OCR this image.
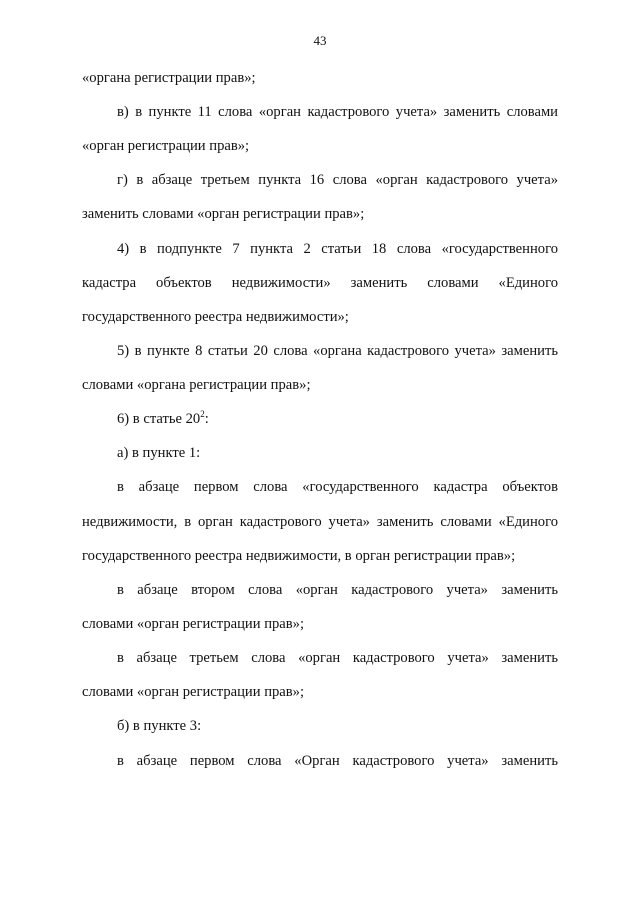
43
«органа регистрации прав»;
в) в пункте 11 слова «орган кадастрового учета» заменить словами
«орган регистрации прав»;
г) в абзаце третьем пункта 16 слова «орган кадастрового учета»
заменить словами «орган регистрации прав»;
4) в подпункте 7 пункта 2 статьи 18 слова «государственного
кадастра объектов недвижимости» заменить словами «Единого
государственного реестра недвижимости»;
5) в пункте 8 статьи 20 слова «органа кадастрового учета» заменить
словами «органа регистрации прав»;
6) в статье $20^2$:
а) в пункте 1:
в абзаце первом слова «государственного кадастра объектов
недвижимости, в орган кадастрового учета» заменить словами «Единого
государственного реестра недвижимости, в орган регистрации прав»;
в абзаце втором слова «орган кадастрового учета» заменить
словами «орган регистрации прав»;
в абзаце третьем слова «орган кадастрового учета» заменить
словами «орган регистрации прав»;
б) в пункте 3:
в абзаце первом слова «Орган кадастрового учета» заменить
